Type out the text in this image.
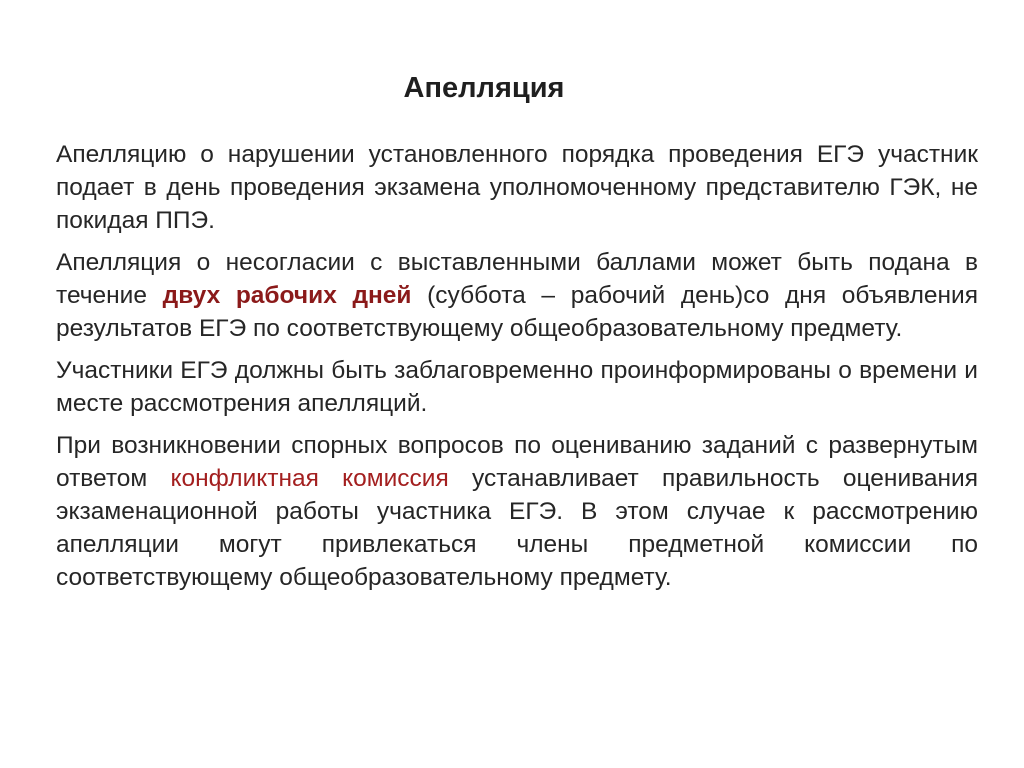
Апелляция

Апелляцию о нарушении установленного порядка проведения ЕГЭ участник подает в день проведения экзамена уполномоченному представителю ГЭК, не покидая ППЭ.

Апелляция о несогласии с выставленными баллами может быть подана в течение двух рабочих дней (суббота – рабочий день)со дня объявления результатов ЕГЭ по соответствующему общеобразовательному предмету.

Участники ЕГЭ должны быть заблаговременно проинформированы о времени и месте рассмотрения апелляций.

При возникновении спорных вопросов по оцениванию заданий с развернутым ответом конфликтная комиссия устанавливает правильность оценивания экзаменационной работы участника ЕГЭ. В этом случае к рассмотрению апелляции могут привлекаться члены предметной комиссии по соответствующему общеобразовательному предмету.
